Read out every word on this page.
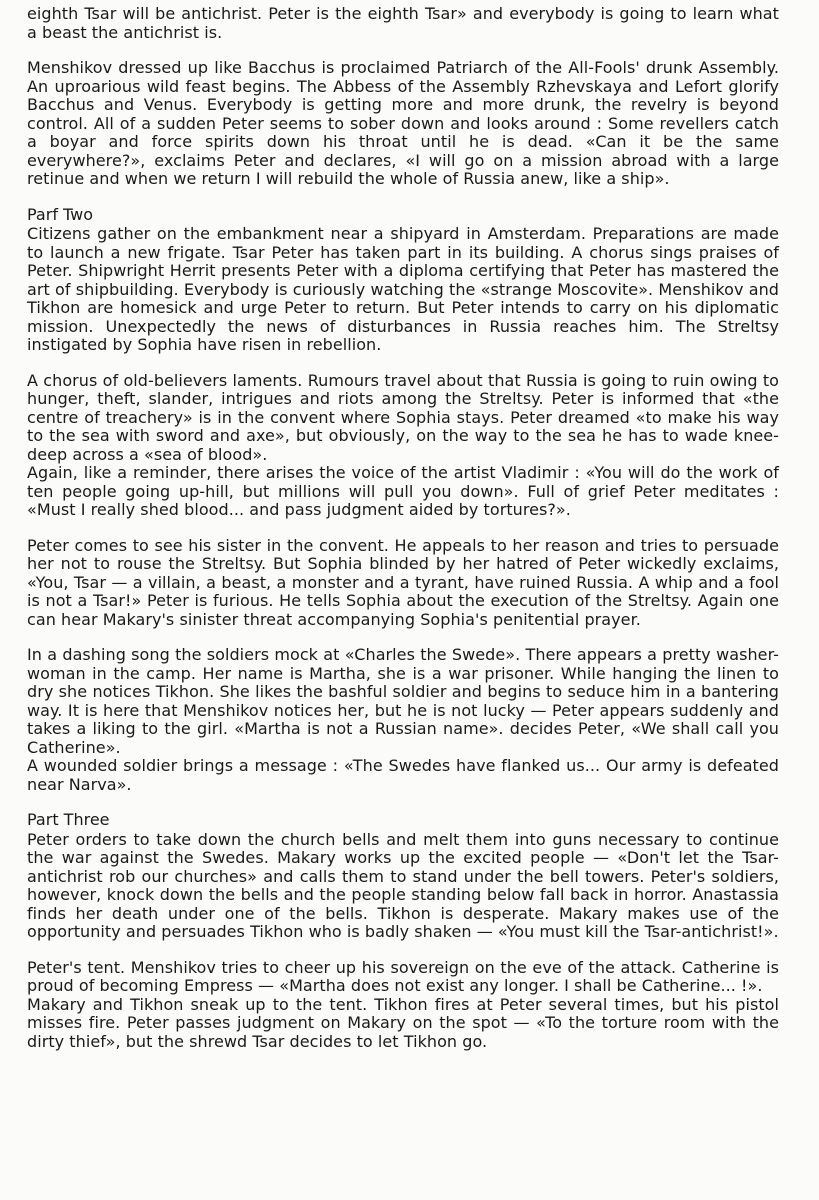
eighth Tsar will be antichrist. Peter is the eighth Tsar» and everybody is going to learn what a beast the antichrist is.

Menshikov dressed up like Bacchus is proclaimed Patriarch of the All-Fools' drunk Assembly. An uproarious wild feast begins. The Abbess of the Assembly Rzhevskaya and Lefort glorify Bacchus and Venus. Everybody is getting more and more drunk, the revelry is beyond control. All of a sudden Peter seems to sober down and looks around : Some revellers catch a boyar and force spirits down his throat until he is dead. «Can it be the same everywhere?», exclaims Peter and declares, «I will go on a mission abroad with a large retinue and when we return I will rebuild the whole of Russia anew, like a ship».

Parf Two

Citizens gather on the embankment near a shipyard in Amsterdam. Preparations are made to launch a new frigate. Tsar Peter has taken part in its building. A chorus sings praises of Peter. Shipwright Herrit presents Peter with a diploma certifying that Peter has mastered the art of shipbuilding. Everybody is curiously watching the «strange Moscovite». Menshikov and Tikhon are homesick and urge Peter to return. But Peter intends to carry on his diplomatic mission. Unexpectedly the news of disturbances in Russia reaches him. The Streltsy instigated by Sophia have risen in rebellion.

A chorus of old-believers laments. Rumours travel about that Russia is going to ruin owing to hunger, theft, slander, intrigues and riots among the Streltsy. Peter is informed that «the centre of treachery» is in the convent where Sophia stays. Peter dreamed «to make his way to the sea with sword and axe», but obviously, on the way to the sea he has to wade knee-deep across a «sea of blood».

Again, like a reminder, there arises the voice of the artist Vladimir : «You will do the work of ten people going up-hill, but millions will pull you down». Full of grief Peter meditates : «Must I really shed blood... and pass judgment aided by tortures?».

Peter comes to see his sister in the convent. He appeals to her reason and tries to persuade her not to rouse the Streltsy. But Sophia blinded by her hatred of Peter wickedly exclaims, «You, Tsar — a villain, a beast, a monster and a tyrant, have ruined Russia. A whip and a fool is not a Tsar!» Peter is furious. He tells Sophia about the execution of the Streltsy. Again one can hear Makary's sinister threat accompanying Sophia's penitential prayer.

In a dashing song the soldiers mock at «Charles the Swede». There appears a pretty washer-woman in the camp. Her name is Martha, she is a war prisoner. While hanging the linen to dry she notices Tikhon. She likes the bashful soldier and begins to seduce him in a bantering way. It is here that Menshikov notices her, but he is not lucky — Peter appears suddenly and takes a liking to the girl. «Martha is not a Russian name». decides Peter, «We shall call you Catherine».

A wounded soldier brings a message : «The Swedes have flanked us... Our army is defeated near Narva».

Part Three

Peter orders to take down the church bells and melt them into guns necessary to continue the war against the Swedes. Makary works up the excited people — «Don't let the Tsar-antichrist rob our churches» and calls them to stand under the bell towers. Peter's soldiers, however, knock down the bells and the people standing below fall back in horror. Anastassia finds her death under one of the bells. Tikhon is desperate. Makary makes use of the opportunity and persuades Tikhon who is badly shaken — «You must kill the Tsar-antichrist!».

Peter's tent. Menshikov tries to cheer up his sovereign on the eve of the attack. Catherine is proud of becoming Empress — «Martha does not exist any longer. I shall be Catherine... !».

Makary and Tikhon sneak up to the tent. Tikhon fires at Peter several times, but his pistol misses fire. Peter passes judgment on Makary on the spot — «To the torture room with the dirty thief», but the shrewd Tsar decides to let Tikhon go.
